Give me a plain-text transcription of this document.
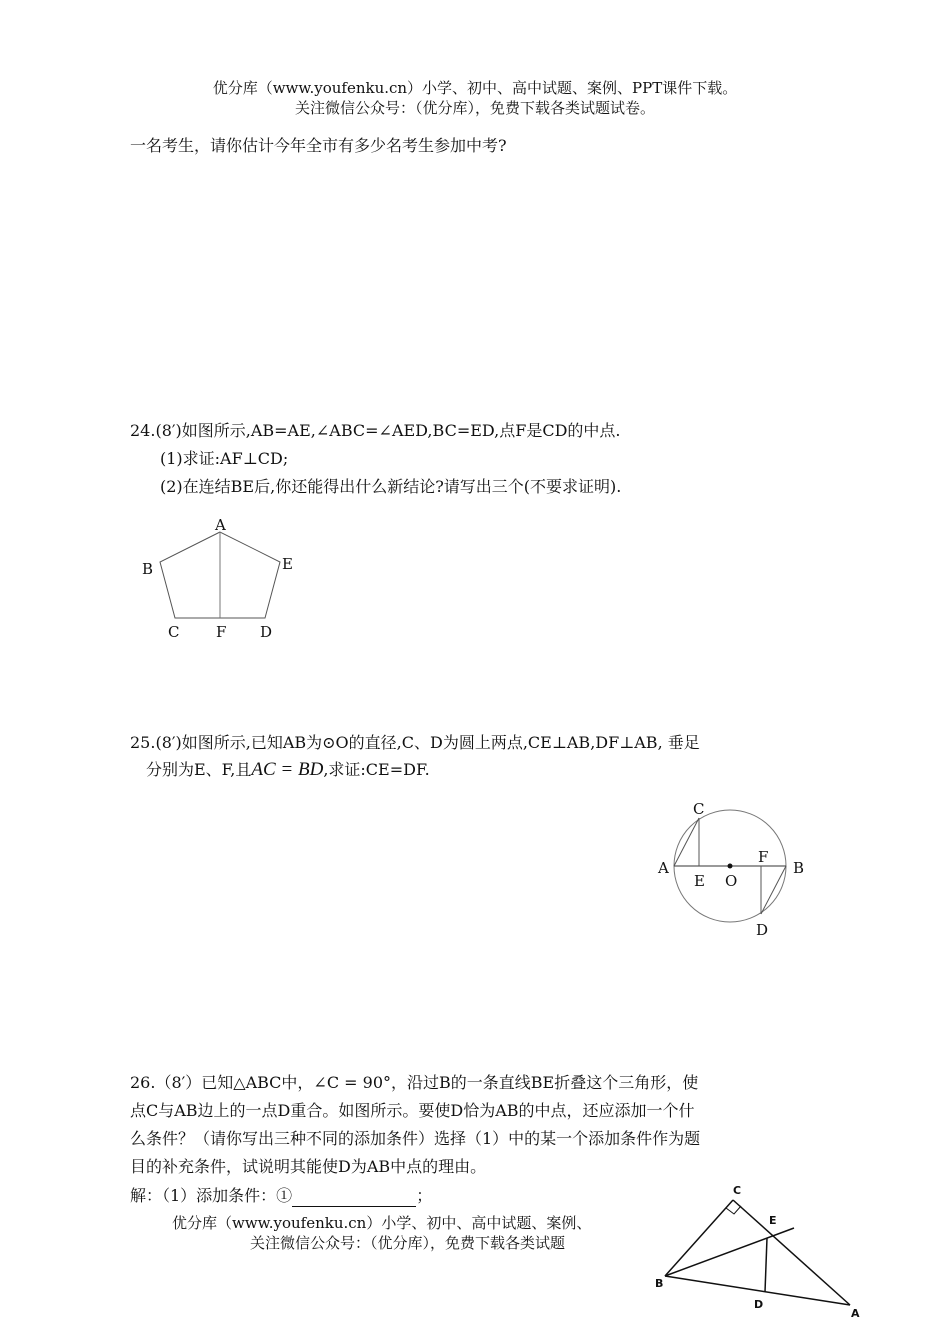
优分库（www.youfenku.cn）小学、初中、高中试题、案例、PPT课件下载。
关注微信公众号：（优分库），免费下载各类试题试卷。
一名考生，请你估计今年全市有多少名考生参加中考?
24.(8′)如图所示,AB=AE,∠ABC=∠AED,BC=ED,点F是CD的中点.
(1)求证:AF⊥CD;
(2)在连结BE后,你还能得出什么新结论?请写出三个(不要求证明).
A
B	E
C F D
25.(8′)如图所示,已知AB为⊙O的直径,C、D为圆上两点,CE⊥AB,DF⊥AB, 垂足
分别为E、F,且AC = BD,求证:CE=DF.
C
F
A	B
E O
D
26.（8′）已知△ABC中，∠C = 90°，沿过B的一条直线BE折叠这个三角形，使
点C与AB边上的一点D重合。如图所示。要使D恰为AB的中点，还应添加一个什
么条件？（请你写出三种不同的添加条件）选择（1）中的某一个添加条件作为题
目的补充条件，试说明其能使D为AB中点的理由。
解：（1）添加条件：①	；
优分库（www.youfenku.cn）小学、初中、高中试题、案例、
关注微信公众号：（优分库），免费下载各类试题
C
E
B
D
A
